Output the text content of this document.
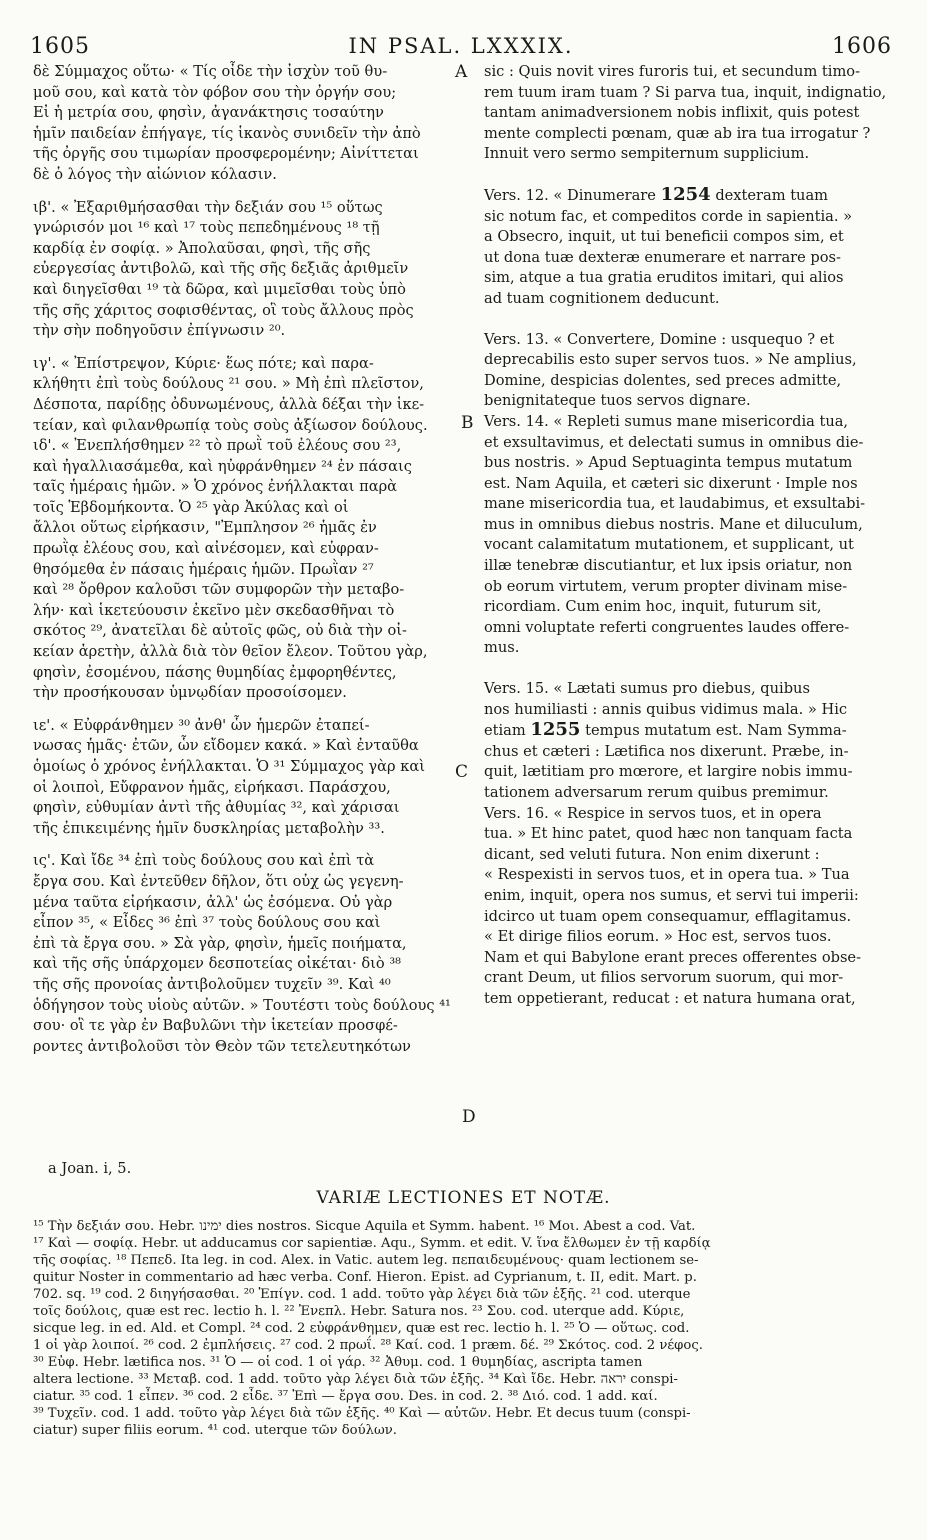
1605	IN PSAL. LXXXIX.	1606
A
B
C
D

δὲ Σύμμαχος οὕτω· « Τίς οἶδε τὴν ἰσχὺν τοῦ θυ-

μοῦ σου, καὶ κατὰ τὸν φόβον σου τὴν ὀργήν σου;

Εἰ ἡ μετρία σου, φησὶν, ἀγανάκτησις τοσαύτην

ἡμῖν παιδείαν ἐπήγαγε, τίς ἱκανὸς συνιδεῖν τὴν ἀπὸ

τῆς ὀργῆς σου τιμωρίαν προσφερομένην; Αἰνίττεται

δὲ ὁ λόγος τὴν αἰώνιον κόλασιν.

ιβ'. « Ἐξαριθμήσασθαι τὴν δεξιάν σου ¹⁵ οὕτως

γνώρισόν μοι ¹⁶ καὶ ¹⁷ τοὺς πεπεδημένους ¹⁸ τῇ

καρδίᾳ ἐν σοφίᾳ. » Ἀπολαῦσαι, φησὶ, τῆς σῆς

εὐεργεσίας ἀντιβολῶ, καὶ τῆς σῆς δεξιᾶς ἀριθμεῖν

καὶ διηγεῖσθαι ¹⁹ τὰ δῶρα, καὶ μιμεῖσθαι τοὺς ὑπὸ

τῆς σῆς χάριτος σοφισθέντας, οἳ τοὺς ἄλλους πρὸς

τὴν σὴν ποδηγοῦσιν ἐπίγνωσιν ²⁰.

ιγ'. « Ἐπίστρεψον, Κύριε· ἕως πότε; καὶ παρα-

κλήθητι ἐπὶ τοὺς δούλους ²¹ σου. » Μὴ ἐπὶ πλεῖστον,

Δέσποτα, παρίδῃς ὀδυνωμένους, ἀλλὰ δέξαι τὴν ἱκε-

τείαν, καὶ φιλανθρωπίᾳ τοὺς σοὺς ἀξίωσον δούλους.

ιδ'. « Ἐνεπλήσθημεν ²² τὸ πρωῒ τοῦ ἐλέους σου ²³,

καὶ ἠγαλλιασάμεθα, καὶ ηὐφράνθημεν ²⁴ ἐν πάσαις

ταῖς ἡμέραις ἡμῶν. » Ὁ χρόνος ἐνήλλακται παρὰ

τοῖς Ἑβδομήκοντα. Ὁ ²⁵ γὰρ Ἀκύλας καὶ οἱ

ἄλλοι οὕτως εἰρήκασιν, "Ἐμπλησον ²⁶ ἡμᾶς ἐν

πρωῒᾳ ἐλέους σου, καὶ αἰνέσομεν, καὶ εὐφραν-

θησόμεθα ἐν πάσαις ἡμέραις ἡμῶν. Πρωῒαν ²⁷

καὶ ²⁸ ὄρθρον καλοῦσι τῶν συμφορῶν τὴν μεταβο-

λήν· καὶ ἱκετεύουσιν ἐκεῖνο μὲν σκεδασθῆναι τὸ

σκότος ²⁹, ἀνατεῖλαι δὲ αὐτοῖς φῶς, οὐ διὰ τὴν οἰ-

κείαν ἀρετὴν, ἀλλὰ διὰ τὸν θεῖον ἔλεον. Τοῦτου γὰρ,

φησὶν, ἐσομένου, πάσης θυμηδίας ἐμφορηθέντες,

τὴν προσήκουσαν ὑμνῳδίαν προσοίσομεν.

ιε'. « Εὐφράνθημεν ³⁰ ἀνθ' ὧν ἡμερῶν ἐταπεί-

νωσας ἡμᾶς· ἐτῶν, ὧν εἴδομεν κακά. » Καὶ ἐνταῦθα

ὁμοίως ὁ χρόνος ἐνήλλακται. Ὁ ³¹ Σύμμαχος γὰρ καὶ

οἱ λοιποὶ, Εὔφρανον ἡμᾶς, εἰρήκασι. Παράσχου,

φησὶν, εὐθυμίαν ἀντὶ τῆς ἀθυμίας ³², καὶ χάρισαι

τῆς ἐπικειμένης ἡμῖν δυσκληρίας μεταβολὴν ³³.

ις'. Καὶ ἴδε ³⁴ ἐπὶ τοὺς δούλους σου καὶ ἐπὶ τὰ

ἔργα σου. Καὶ ἐντεῦθεν δῆλον, ὅτι οὐχ ὡς γεγενη-

μένα ταῦτα εἰρήκασιν, ἀλλ' ὡς ἐσόμενα. Οὐ γὰρ

εἶπον ³⁵, « Εἶδες ³⁶ ἐπὶ ³⁷ τοὺς δούλους σου καὶ

ἐπὶ τὰ ἔργα σου. » Σὰ γὰρ, φησὶν, ἡμεῖς ποιήματα,

καὶ τῆς σῆς ὑπάρχομεν δεσποτείας οἰκέται· διὸ ³⁸

τῆς σῆς προνοίας ἀντιβολοῦμεν τυχεῖν ³⁹. Καὶ ⁴⁰

ὁδήγησον τοὺς υἱοὺς αὐτῶν. » Τουτέστι τοὺς δούλους ⁴¹

σου· οἳ τε γὰρ ἐν Βαβυλῶνι τὴν ἱκετείαν προσφέ-

ροντες ἀντιβολοῦσι τὸν Θεὸν τῶν τετελευτηκότων

sic : Quis novit vires furoris tui, et secundum timo-

rem tuum iram tuam ? Si parva tua, inquit, indignatio,

tantam animadversionem nobis inflixit, quis potest

mente complecti pœnam, quæ ab ira tua irrogatur ?

Innuit vero sermo sempiternum supplicium.

Vers. 12. « Dinumerare 1254 dexteram tuam

sic notum fac, et compeditos corde in sapientia. »

a Obsecro, inquit, ut tui beneficii compos sim, et

ut dona tuæ dexteræ enumerare et narrare pos-

sim, atque a tua gratia eruditos imitari, qui alios

ad tuam cognitionem deducunt.

Vers. 13. « Convertere, Domine : usquequo ? et

deprecabilis esto super servos tuos. » Ne amplius,

Domine, despicias dolentes, sed preces admitte,

benignitateque tuos servos dignare.

Vers. 14. « Repleti sumus mane misericordia tua,

et exsultavimus, et delectati sumus in omnibus die-

bus nostris. » Apud Septuaginta tempus mutatum

est. Nam Aquila, et cæteri sic dixerunt · Imple nos

mane misericordia tua, et laudabimus, et exsultabi-

mus in omnibus diebus nostris. Mane et diluculum,

vocant calamitatum mutationem, et supplicant, ut

illæ tenebræ discutiantur, et lux ipsis oriatur, non

ob eorum virtutem, verum propter divinam mise-

ricordiam. Cum enim hoc, inquit, futurum sit,

omni voluptate referti congruentes laudes offere-

mus.

Vers. 15. « Lætati sumus pro diebus, quibus

nos humiliasti : annis quibus vidimus mala. » Hic

etiam 1255 tempus mutatum est. Nam Symma-

chus et cæteri : Lætifica nos dixerunt. Præbe, in-

quit, lætitiam pro mœrore, et largire nobis immu-

tationem adversarum rerum quibus premimur.

Vers. 16. « Respice in servos tuos, et in opera

tua. » Et hinc patet, quod hæc non tanquam facta

dicant, sed veluti futura. Non enim dixerunt :

« Respexisti in servos tuos, et in opera tua. » Tua

enim, inquit, opera nos sumus, et servi tui imperii:

idcirco ut tuam opem consequamur, efflagitamus.

« Et dirige filios eorum. » Hoc est, servos tuos.

Nam et qui Babylone erant preces offerentes obse-

crant Deum, ut filios servorum suorum, qui mor-

tem oppetierant, reducat : et natura humana orat,

a Joan. i, 5.
VARIÆ LECTIONES ET NOTÆ.

¹⁵ Τὴν δεξιάν σου. Hebr. ימינו dies nostros. Sicque Aquila et Symm. habent. ¹⁶ Μοι. Abest a cod. Vat.

¹⁷ Καὶ — σοφίᾳ. Hebr. ut adducamus cor sapientiæ. Aqu., Symm. et edit. V. ἵνα ἔλθωμεν ἐν τῇ καρδίᾳ

τῆς σοφίας. ¹⁸ Πεπεδ. Ita leg. in cod. Alex. in Vatic. autem leg. πεπαιδευμένους· quam lectionem se-

quitur Noster in commentario ad hæc verba. Conf. Hieron. Epist. ad Cyprianum, t. II, edit. Mart. p.

702. sq. ¹⁹ cod. 2 διηγήσασθαι. ²⁰ Ἐπίγν. cod. 1 add. τοῦτο γὰρ λέγει διὰ τῶν ἑξῆς. ²¹ cod. uterque

τοῖς δούλοις, quæ est rec. lectio h. l. ²² Ἐνεπλ. Hebr. Satura nos. ²³ Σου. cod. uterque add. Κύριε,

sicque leg. in ed. Ald. et Compl. ²⁴ cod. 2 εὐφράνθημεν, quæ est rec. lectio h. l. ²⁵ Ὁ — οὕτως. cod.

1 οἱ γὰρ λοιποί. ²⁶ cod. 2 ἐμπλήσεις. ²⁷ cod. 2 πρωΐ. ²⁸ Καί. cod. 1 præm. δέ. ²⁹ Σκότος. cod. 2 νέφος.

³⁰ Εὐφ. Hebr. lætifica nos. ³¹ Ὁ — οἱ cod. 1 οἱ γάρ. ³² Ἀθυμ. cod. 1 θυμηδίας, ascripta tamen

altera lectione. ³³ Μεταβ. cod. 1 add. τοῦτο γὰρ λέγει διὰ τῶν ἑξῆς. ³⁴ Καὶ ἴδε. Hebr. יראה conspi-

ciatur. ³⁵ cod. 1 εἶπεν. ³⁶ cod. 2 εἶδε. ³⁷ Ἐπὶ — ἔργα σου. Des. in cod. 2. ³⁸ Διό. cod. 1 add. καί.

³⁹ Τυχεῖν. cod. 1 add. τοῦτο γὰρ λέγει διὰ τῶν ἑξῆς. ⁴⁰ Καὶ — αὐτῶν. Hebr. Et decus tuum (conspi-

ciatur) super filiis eorum. ⁴¹ cod. uterque τῶν δούλων.
